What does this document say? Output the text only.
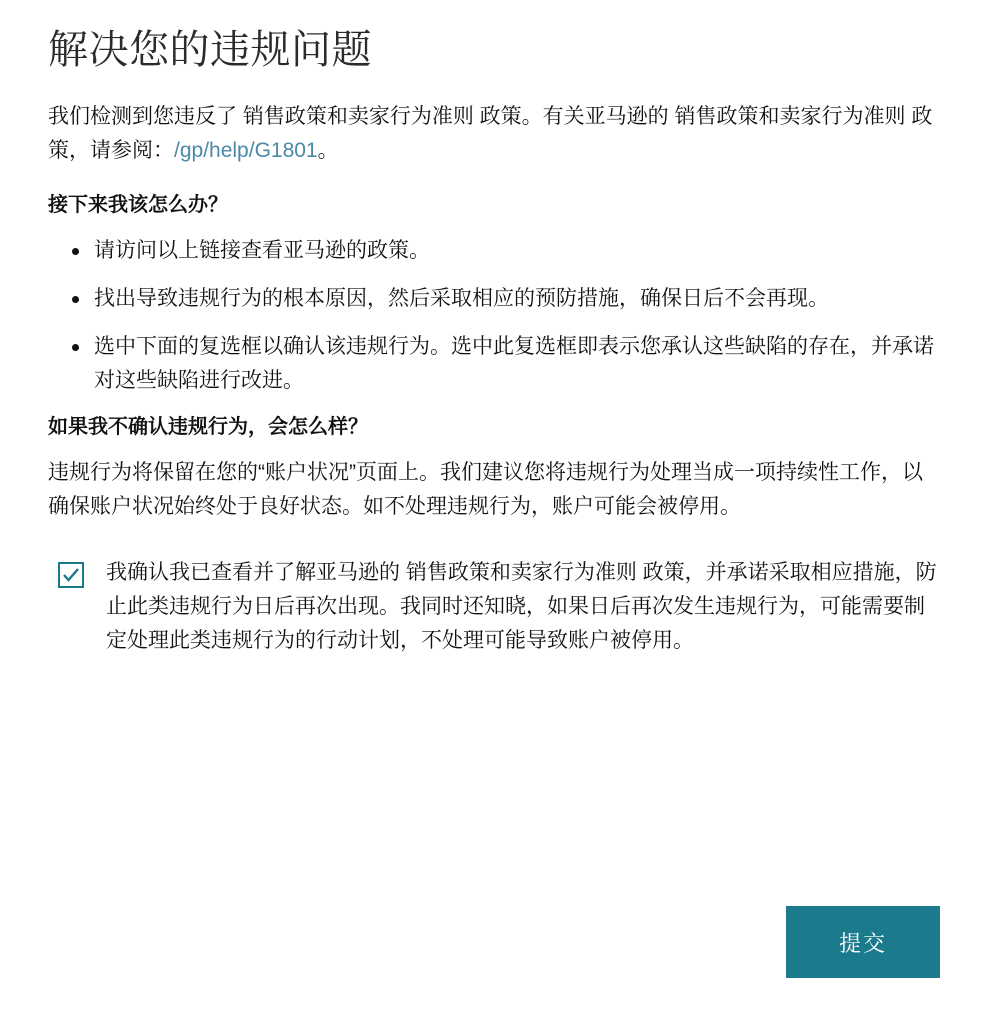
解决您的违规问题

我们检测到您违反了 销售政策和卖家行为准则 政策。有关亚马逊的 销售政策和卖家行为准则 政策，请参阅：/gp/help/G1801。

接下来我该怎么办？
请访问以上链接查看亚马逊的政策。
找出导致违规行为的根本原因，然后采取相应的预防措施，确保日后不会再现。
选中下面的复选框以确认该违规行为。选中此复选框即表示您承认这些缺陷的存在，并承诺对这些缺陷进行改进。
如果我不确认违规行为，会怎么样？

违规行为将保留在您的“账户状况”页面上。我们建议您将违规行为处理当成一项持续性工作，以确保账户状况始终处于良好状态。如不处理违规行为，账户可能会被停用。

我确认我已查看并了解亚马逊的 销售政策和卖家行为准则 政策，并承诺采取相应措施，防止此类违规行为日后再次出现。我同时还知晓，如果日后再次发生违规行为，可能需要制定处理此类违规行为的行动计划，不处理可能导致账户被停用。
提交
